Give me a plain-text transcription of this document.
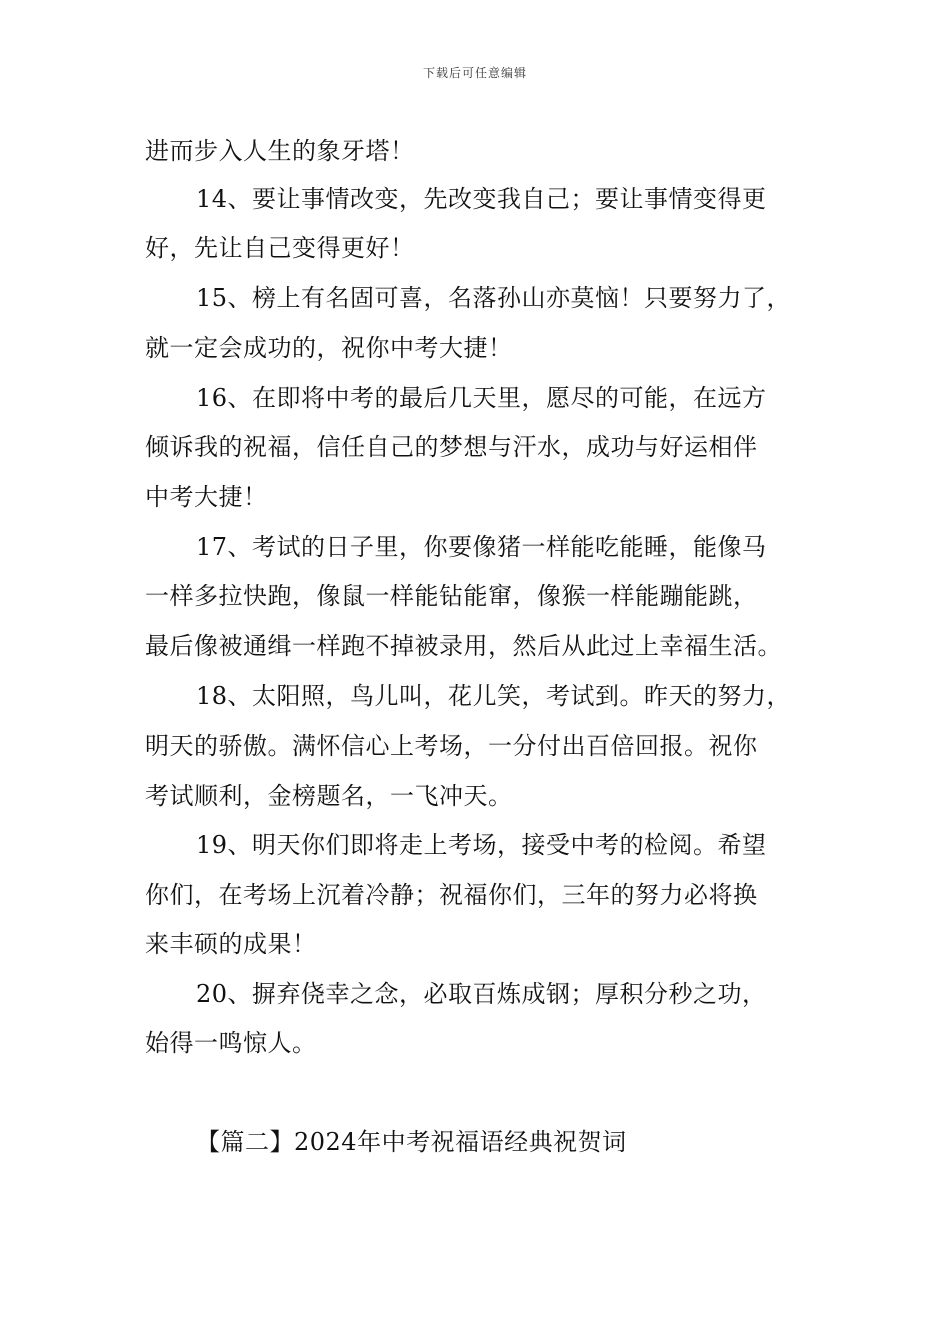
下载后可任意编辑
进而步入人生的象牙塔！
14、要让事情改变，先改变我自己；要让事情变得更
好，先让自己变得更好！
15、榜上有名固可喜，名落孙山亦莫恼！只要努力了，
就一定会成功的，祝你中考大捷！
16、在即将中考的最后几天里，愿尽的可能，在远方
倾诉我的祝福，信任自己的梦想与汗水，成功与好运相伴
中考大捷！
17、考试的日子里，你要像猪一样能吃能睡，能像马
一样多拉快跑，像鼠一样能钻能窜，像猴一样能蹦能跳，
最后像被通缉一样跑不掉被录用，然后从此过上幸福生活。
18、太阳照，鸟儿叫，花儿笑，考试到。昨天的努力，
明天的骄傲。满怀信心上考场，一分付出百倍回报。祝你
考试顺利，金榜题名，一飞冲天。
19、明天你们即将走上考场，接受中考的检阅。希望
你们，在考场上沉着冷静；祝福你们，三年的努力必将换
来丰硕的成果！
20、摒弃侥幸之念，必取百炼成钢；厚积分秒之功，
始得一鸣惊人。
【篇二】2024年中考祝福语经典祝贺词
